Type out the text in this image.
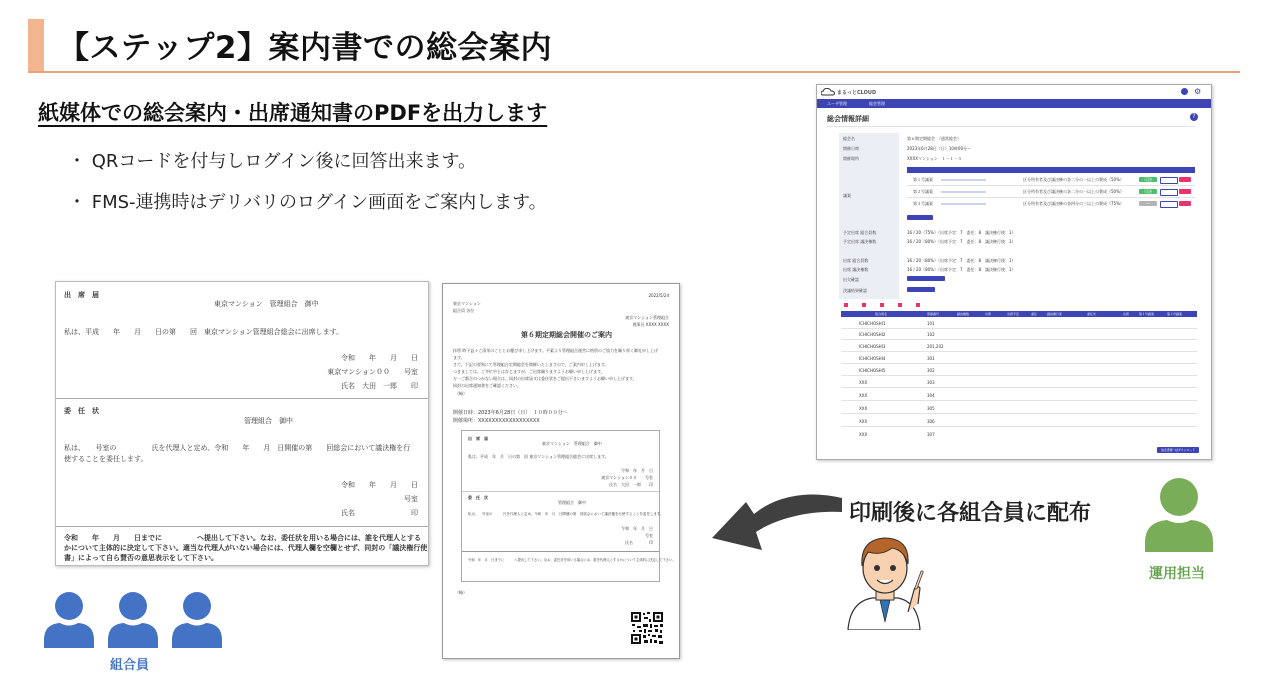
【ステップ2】案内書での総会案内
紙媒体での総会案内・出席通知書のPDFを出力します
・ QRコードを付与しログイン後に回答出来ます。
・ FMS-連携時はデリバリのログイン画面をご案内します。
出　席　届
東京マンション　管理組合　御中
私は、平成　　年　　月　　日の第　　回　東京マンション管理組合総会に出席します。
令和　　年　　月　　日
東京マンション００　　号室
氏名　大田　一郎　　印
委　任　状
管理組合　御中
私は、　　号室の　　　　　氏を代理人と定め、令和　　年　　月　日開催の第　　回総会において議決権を行
使することを委任します。
令和　　年　　月　　日
号室
氏名　　　　　　　　印
令和　　年　　月　　日までに　　　　　へ提出して下さい。なお、委任状を用いる場合には、誰を代理人とする
かについて主体的に決定して下さい。適当な代理人がいない場合には、代理人欄を空欄とせず、同封の「議決権行使
書」によって自ら賛否の意思表示をして下さい。
2022/5/24
東京マンション
組合員 各位
東京マンション管理組合
理事長 XXXX XXXX
第６期定期総会開催のご案内
拝啓 時下益々ご清栄のこととお慶び申し上げます。平素より管理組合運営に格別のご協力を賜り厚く御礼申し上げ
ます。
さて、下記の要領にて管理組合定期総会を開催いたしますので、ご案内申し上げます。
つきましては、ご多忙中とは存じますが、ご出席賜りますようお願い申し上げます。
万一ご都合のつかない場合は、同封の出席届又は委任状をご提出下さいますようお願い申し上げます。
同封の出席通知書をご確認ください。
（略）
開催日時：2023年6月28日（日）　１０時００分〜
開催場所：XXXXXXXXXXXXXXXXXX
出　席　届
東京マンション　管理組合　御中
私は、平成　年　月　日の第　回 東京マンション管理組合総会に出席します。
令和　年　月　日
東京マンション００　　号室
氏名　大田　一郎　　印
委　任　状
管理組合　御中
私は、　号室の　　　氏を代理人と定め、令和　年　月　日開催の第　回総会において議決権を行使することを委任します。
令和　年　月　日
号室
氏名　　　　印
令和　年　月　日までに　　　へ提出して下さい。なお、委任状を用いる場合には、誰を代理人とするかについて主体的に決定して下さい。
（略）
まるっとCLOUD	⚙
ユーザ管理	総会管理
総会情報詳細	?
総会名	第６期定期総会　（通常総会）
開催日時	2023年6月28日（日）10時00分〜
開催場所	XXXXマンション　１－１－５
議案
第１号議案	区分所有者及び議決権の各二分の一以上の賛成（50%）	可決
第２号議案	区分所有者及び議決権の各二分の一以上の賛成（50%）	可決
第３号議案	区分所有者及び議決権の各四分の三以上の賛成（75%）	―
予定出席 組合員数	16 / 20（75%）（出席予定：7　委任：8　議決権行使：1）
予定出席 議決権数	16 / 20（80%）（出席予定：7　委任：8　議決権行使：1）
出席 組合員数	16 / 20（80%）（出席予定：7　委任：8　議決権行使：1）
出席 議決権数	16 / 20（80%）（出席予定：7　委任：8　議決権行使：1）
出欠確認
決議結果確認
組合員名	部屋番号	議決権数	出席	出席予定	委任	議決権行使	委任先	出席	第１号議案	第２号議案
ICHICHOSHI1	101
ICHICHOSHI2	102
ICHICHOSHI3	201,202
ICHICHOSHI4	301
ICHICHOSHI5	302
XXX	303
XXX	304
XXX	305
XXX	306
XXX	307
総会書類一括ダウンロード
印刷後に各組合員に配布
運用担当
組合員
